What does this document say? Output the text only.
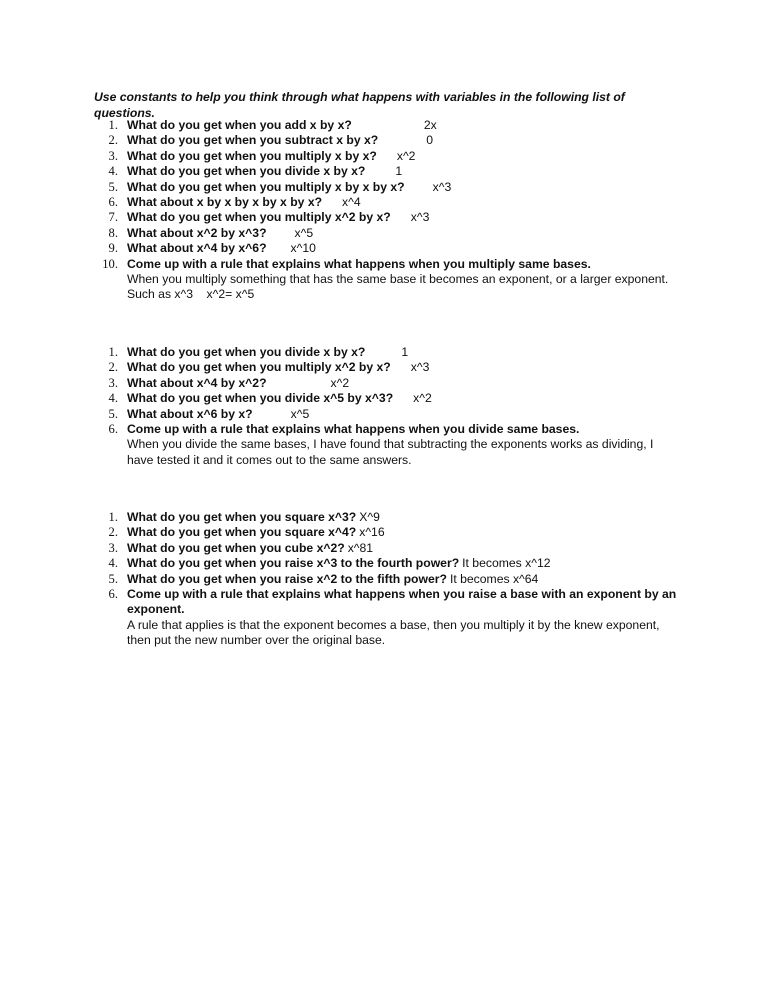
Use constants to help you think through what happens with variables in the following list of questions.
1. What do you get when you add x by x?	2x
2. What do you get when you subtract x by x?	0
3. What do you get when you multiply x by x? x^2
4. What do you get when you divide x by x? 1
5. What do you get when you multiply x by x by x? x^3
6. What about x by x by x by x by x? x^4
7. What do you get when you multiply x^2 by x? x^3
8. What about x^2 by x^3? x^5
9. What about x^4 by x^6? x^10
10. Come up with a rule that explains what happens when you multiply same bases.
When you multiply something that has the same base it becomes an exponent, or a larger exponent.
Such as x^3    x^2= x^5
1. What do you get when you divide x by x?	1
2. What do you get when you multiply x^2 by x? x^3
3. What about x^4 by x^2?	x^2
4. What do you get when you divide x^5 by x^3? x^2
5. What about x^6 by x?	x^5
6. Come up with a rule that explains what happens when you divide same bases.
When you divide the same bases, I have found that subtracting the exponents works as dividing, I have tested it and it comes out to the same answers.
1. What do you get when you square x^3? X^9
2. What do you get when you square x^4? x^16
3. What do you get when you cube x^2? x^81
4. What do you get when you raise x^3 to the fourth power? It becomes x^12
5. What do you get when you raise x^2 to the fifth power? It becomes x^64
6. Come up with a rule that explains what happens when you raise a base with an exponent by an exponent.
A rule that applies is that the exponent becomes a base, then you multiply it by the knew exponent, then put the new number over the original base.
